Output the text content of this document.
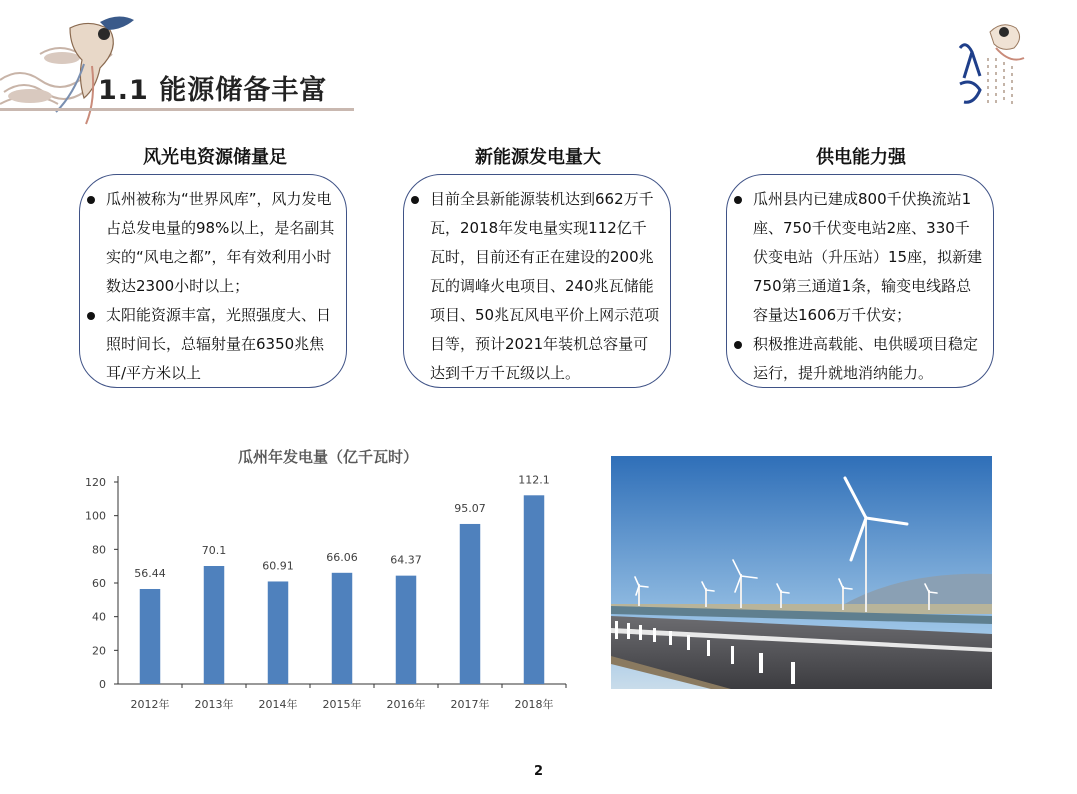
1.1 能源储备丰富
风光电资源储量足	新能源发电量大	供电能力强

瓜州被称为“世界风库”，风力发电占总发电量的98%以上，是名副其实的“风电之都”，年有效利用小时数达2300小时以上；

太阳能资源丰富，光照强度大、日照时间长，总辐射量在6350兆焦耳/平方米以上

目前全县新能源装机达到662万千瓦，2018年发电量实现112亿千瓦时，目前还有正在建设的200兆瓦的调峰火电项目、240兆瓦储能项目、50兆瓦风电平价上网示范项目等，预计2021年装机总容量可达到千万千瓦级以上。

瓜州县内已建成800千伏换流站1座、750千伏变电站2座、330千伏变电站（升压站）15座，拟新建750第三通道1条，输变电线路总容量达1606万千伏安；

积极推进高载能、电供暖项目稳定运行，提升就地消纳能力。

瓜州年发电量（亿千瓦时）
0
20
40
60
80
100
120
2012年
56.44
2013年
70.1
2014年
60.91
2015年
66.06
2016年
64.37
2017年
95.07
2018年
112.1
2
